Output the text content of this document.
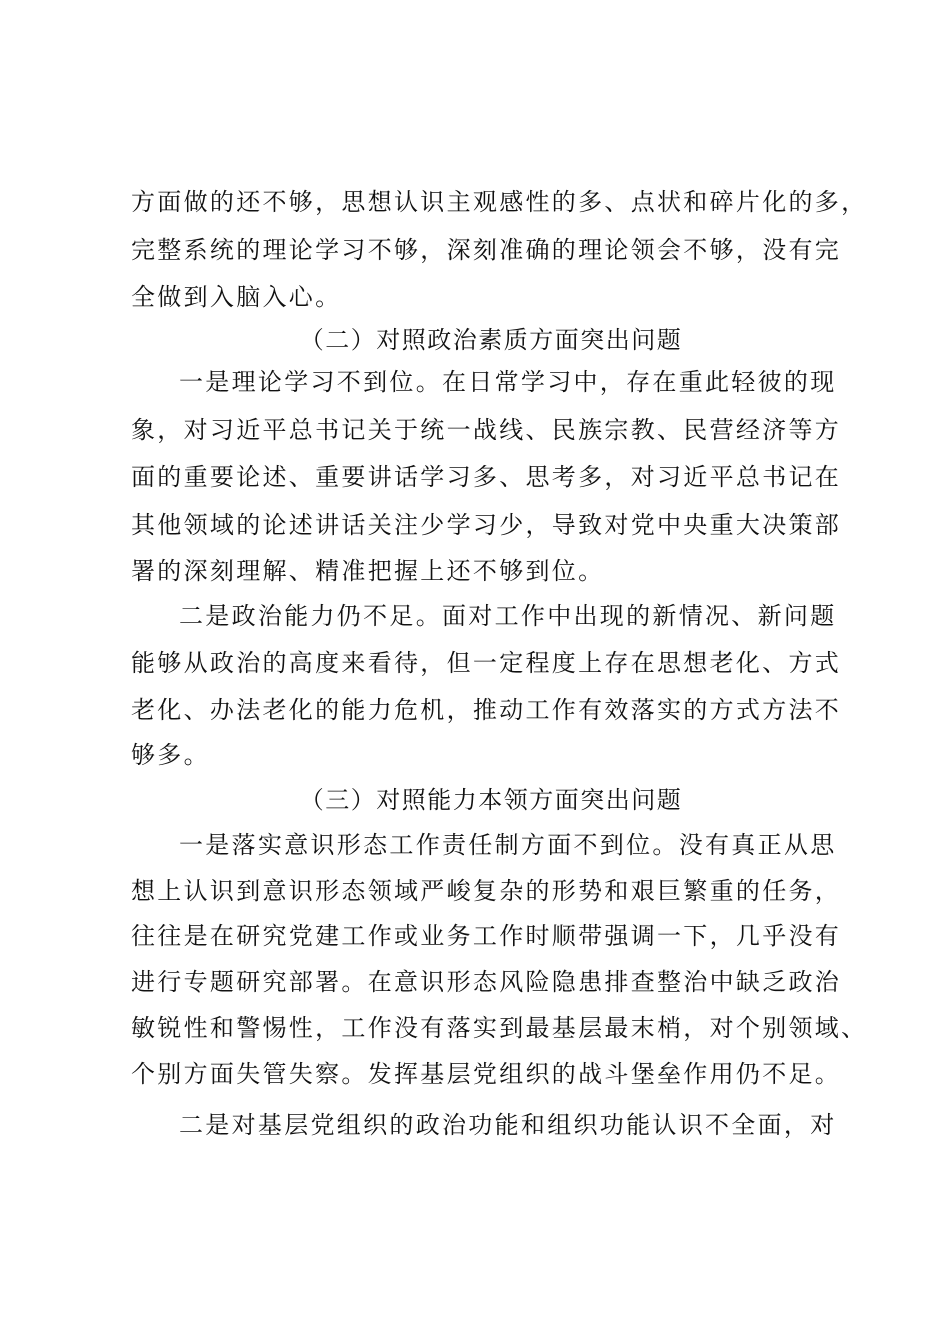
方面做的还不够，思想认识主观感性的多、点状和碎片化的多，
完整系统的理论学习不够，深刻准确的理论领会不够，没有完
全做到入脑入心。
（二）对照政治素质方面突出问题
一是理论学习不到位。在日常学习中，存在重此轻彼的现
象，对习近平总书记关于统一战线、民族宗教、民营经济等方
面的重要论述、重要讲话学习多、思考多，对习近平总书记在
其他领域的论述讲话关注少学习少，导致对党中央重大决策部
署的深刻理解、精准把握上还不够到位。
二是政治能力仍不足。面对工作中出现的新情况、新问题
能够从政治的高度来看待，但一定程度上存在思想老化、方式
老化、办法老化的能力危机，推动工作有效落实的方式方法不
够多。
（三）对照能力本领方面突出问题
一是落实意识形态工作责任制方面不到位。没有真正从思
想上认识到意识形态领域严峻复杂的形势和艰巨繁重的任务，
往往是在研究党建工作或业务工作时顺带强调一下，几乎没有
进行专题研究部署。在意识形态风险隐患排查整治中缺乏政治
敏锐性和警惕性，工作没有落实到最基层最末梢，对个别领域、
个别方面失管失察。发挥基层党组织的战斗堡垒作用仍不足。
二是对基层党组织的政治功能和组织功能认识不全面，对
